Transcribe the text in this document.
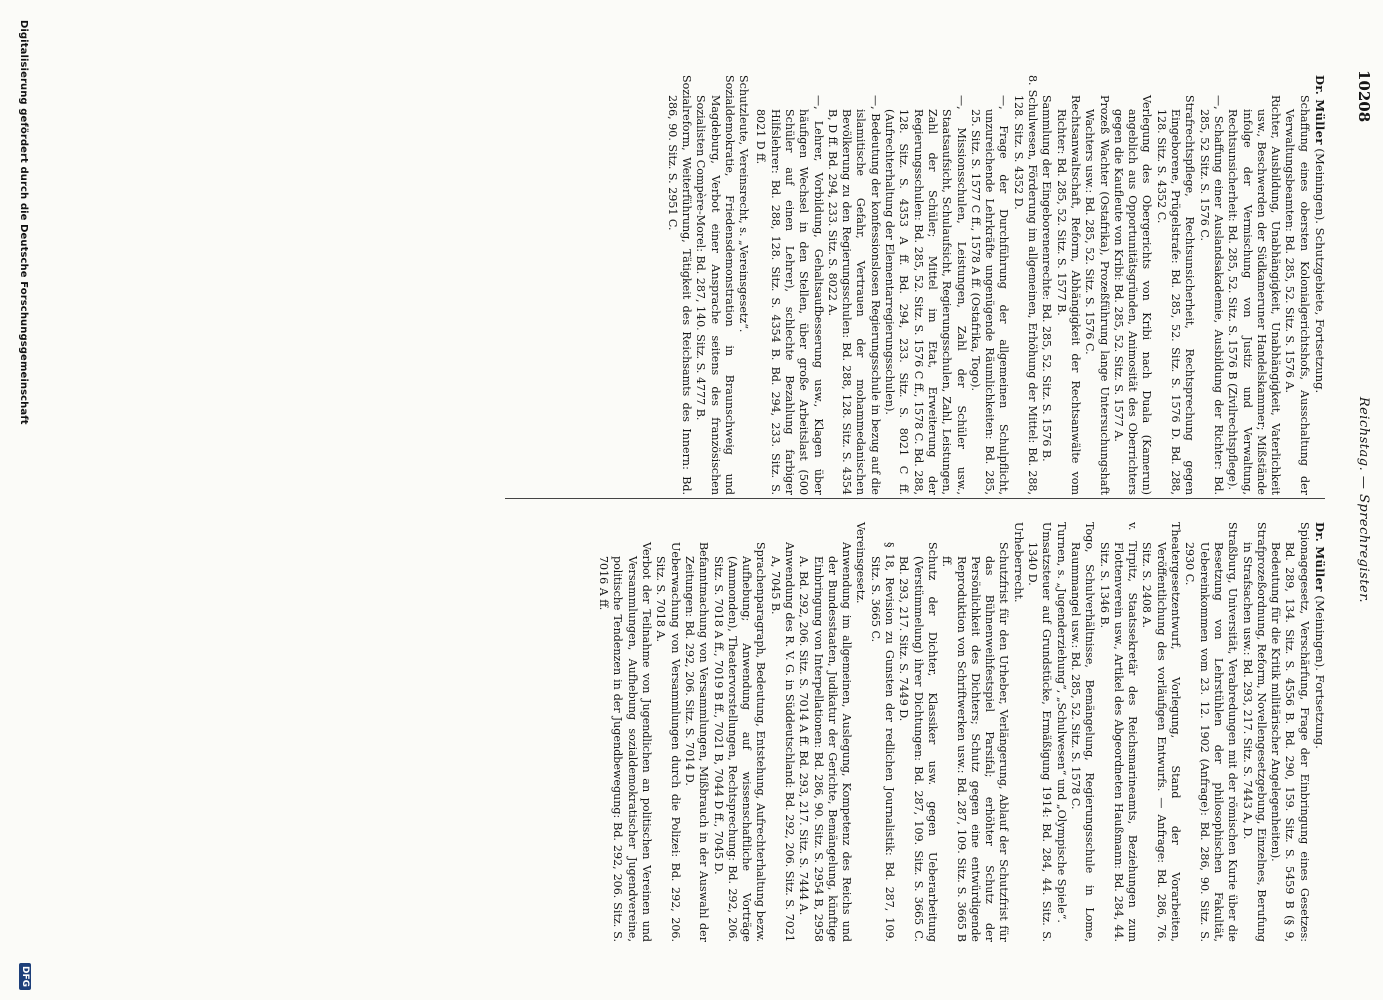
10208
Reichstag. — Sprechregister.
Dr. Müller (Meiningen). Schutzgebiete, Fortsetzung.

Schaffung eines obersten Kolonialgerichtshofs, Ausschaltung der Verwaltungsbeamten: Bd. 285, 52. Sitz. S. 1576 A.

Richter, Ausbildung, Unabhängigkeit, Unabhängigkeit, Vaterlichkeit usw., Beschwerden der Südkameruner Handelskammer; Mißstände infolge der Vermischung von Justiz und Verwaltung, Rechtsunsicherheit: Bd. 285, 52. Sitz. S. 1576 B (Zivilrechtspflege).

—, Schaffung einer Auslandsakademie, Ausbildung der Richter: Bd. 285, 52 Sitz. S. 1576 C.

Strafrechtspflege, Rechtsunsicherheit, Rechtsprechung gegen Eingeborene, Prügelstrafe: Bd. 285, 52. Sitz. S. 1576 D. Bd. 288, 128. Sitz. S. 4352 C.

Verlegung des Obergerichts von Kribi nach Duala (Kamerun) angeblich aus Opportunitätsgründen, Animosität des Oberrichters gegen die Kaufleute von Kribi: Bd. 285, 52. Sitz. S. 1577 A.

Prozeß Wachter (Ostafrika), Prozeßführung lange Untersuchungshaft Wachters usw.: Bd. 285, 52. Sitz. S. 1576 C.

Rechtsanwaltschaft, Reform, Abhängigkeit der Rechtsanwälte vom Richter: Bd. 285, 52. Sitz. S. 1577 B.

Sammlung der Eingeborenenrechte: Bd. 285, 52. Sitz. S. 1576 B.

8. Schulwesen, Förderung im allgemeinen, Erhöhung der Mittel: Bd. 288, 128. Sitz. S. 4352 D.

—, Frage der Durchführung der allgemeinen Schulpflicht, unzureichende Lehrkräfte ungenügende Räumlichkeiten: Bd. 285, 25. Sitz. S. 1577 C ff., 1578 A ff. (Ostafrika, Togo).

—, Missionsschulen, Leistungen, Zahl der Schüler usw., Staatsaufsicht, Schulaufsicht, Regierungsschulen, Zahl, Leistungen, Zahl der Schüler; Mittel im Etat, Erweiterung der Regierungsschulen: Bd. 285, 52. Sitz. S. 1576 C ff., 1578 C. Bd. 288, 128. Sitz. S. 4353 A ff. Bd. 294, 233. Sitz. S. 8021 C ff. (Aufrechterhaltung der Elementarregierungsschulen).

—, Bedeutung der konfessionslosen Regierungsschule in bezug auf die islamitische Gefahr, Vertrauen der mohammedanischen Bevölkerung zu den Regierungsschulen: Bd. 288, 128. Sitz. S. 4354 B, D ff. Bd. 294, 233. Sitz. S. 8022 A.

—, Lehrer, Vorbildung, Gehaltsaufbesserung usw., Klagen über häufigen Wechsel in den Stellen, über große Arbeitslast (500 Schüler auf einen Lehrer), schlechte Bezahlung farbiger Hilfslehrer: Bd. 288, 128. Sitz. S. 4354 B. Bd. 294, 233. Sitz. S. 8021 D ff.

Schutzleute, Vereinsrecht, s. „Vereinsgesetz“.

Sozialdemokratie, Friedensdemonstration in Braunschweig und Magdeburg, Verbot einer Ansprache seitens des französischen Sozialisten Compère-Morel: Bd. 287, 140. Sitz. S. 4777 B.

Sozialreform, Weiterführung, Tätigkeit des Reichsamts des Innern: Bd. 286, 90. Sitz. S. 2951 C.

Dr. Müller (Meiningen). Fortsetzung.

Spionagegesetz, Verschärfung, Frage der Einbringung eines Gesetzes: Bd. 289, 134. Sitz. S. 4556 B. Bd. 290, 159. Sitz. S. 5459 B (§ 9, Bedeutung für die Kritik militärischer Angelegenheiten).

Strafprozeßordnung, Reform, Novellengesetzgebung, Einzelnes, Berufung in Strafsachen usw.: Bd. 293, 217. Sitz. S. 7443 A, D.

Straßburg, Universität, Verabredungen mit der römischen Kurie über die Besetzung von Lehrstühlen der philosophischen Fakultät, Uebereinkommen vom 23. 12. 1902 (Anfrage): Bd. 286, 90. Sitz. S. 2930 C.

Theatergesetzentwurf, Vorlegung, Stand der Vorarbeiten, Veröffentlichung des vorläufigen Entwurfs. — Anfrage: Bd. 286, 76. Sitz. S. 2408 A.

v. Tirpitz, Staatssekretär des Reichsmarineamts, Beziehungen zum Flottenverein usw., Artikel des Abgeordneten Haußmann: Bd. 284, 44. Sitz. S. 1346 B.

Togo, Schulverhältnisse, Bemängelung, Regierungsschule in Lome, Raummangel usw.: Bd. 285, 52. Sitz. S. 1578 C.

Turnen, s. „Jugenderziehung“, „Schulwesen“ und „Olympische Spiele“.

Umsatzsteuer auf Grundstücke, Ermäßigung 1914: Bd. 284, 44. Sitz. S. 1340 D.

Urheberrecht.

Schutzfrist für den Urheber, Verlängerung, Ablauf der Schutzfrist für das Bühnenweihfestspiel Parsifal; erhöhter Schutz der Persönlichkeit des Dichters; Schutz gegen eine entwürdigende Reproduktion von Schriftwerken usw.: Bd. 287, 109. Sitz. S. 3665 B ff.

Schutz der Dichter, Klassiker usw. gegen Ueberarbeitung (Verstümmelung) ihrer Dichtungen: Bd. 287, 109. Sitz. S. 3665 C. Bd. 293, 217. Sitz. S. 7449 D.

§ 18, Revision zu Gunsten der redlichen Journalistik: Bd. 287, 109. Sitz. S. 3665 C.

Vereinsgesetz.

Anwendung im allgemeinen, Auslegung, Kompetenz des Reichs und der Bundesstaaten, Judikatur der Gerichte, Bemängelung, künftige Einbringung von Interpellationen: Bd. 286, 90. Sitz. S. 2954 B, 2958 A. Bd. 292, 206. Sitz. S. 7014 A ff. Bd. 293, 217. Sitz. S. 7444 A.

Anwendung des R. V. G. in Süddeutschland: Bd. 292, 206. Sitz. S. 7021 A, 7045 B.

Sprachenparagraph, Bedeutung, Entstehung, Aufrechterhaltung bezw. Aufhebung; Anwendung auf wissenschaftliche Vorträge (Ammonden), Theatervorstellungen, Rechtsprechung: Bd. 292, 206. Sitz. S. 7018 A ff., 7019 B ff., 7021 B, 7044 D ff., 7045 D.

Befanntmachung von Versammlungen, Mißbrauch in der Auswahl der Zeitungen: Bd. 292, 206. Sitz. S. 7014 D.

Ueberwachung von Versammlungen durch die Polizei: Bd. 292, 206. Sitz. S. 7018 A.

Verbot der Teilnahme von Jugendlichen an politischen Vereinen und Versammlungen, Aufhebung sozialdemokratischer Jugendvereine, politische Tendenzen in der Jugendbewegung: Bd. 292, 206. Sitz. S. 7016 A ff.

Digitalisierung gefördert durch die Deutsche Forschungsgemeinschaft
DFG
